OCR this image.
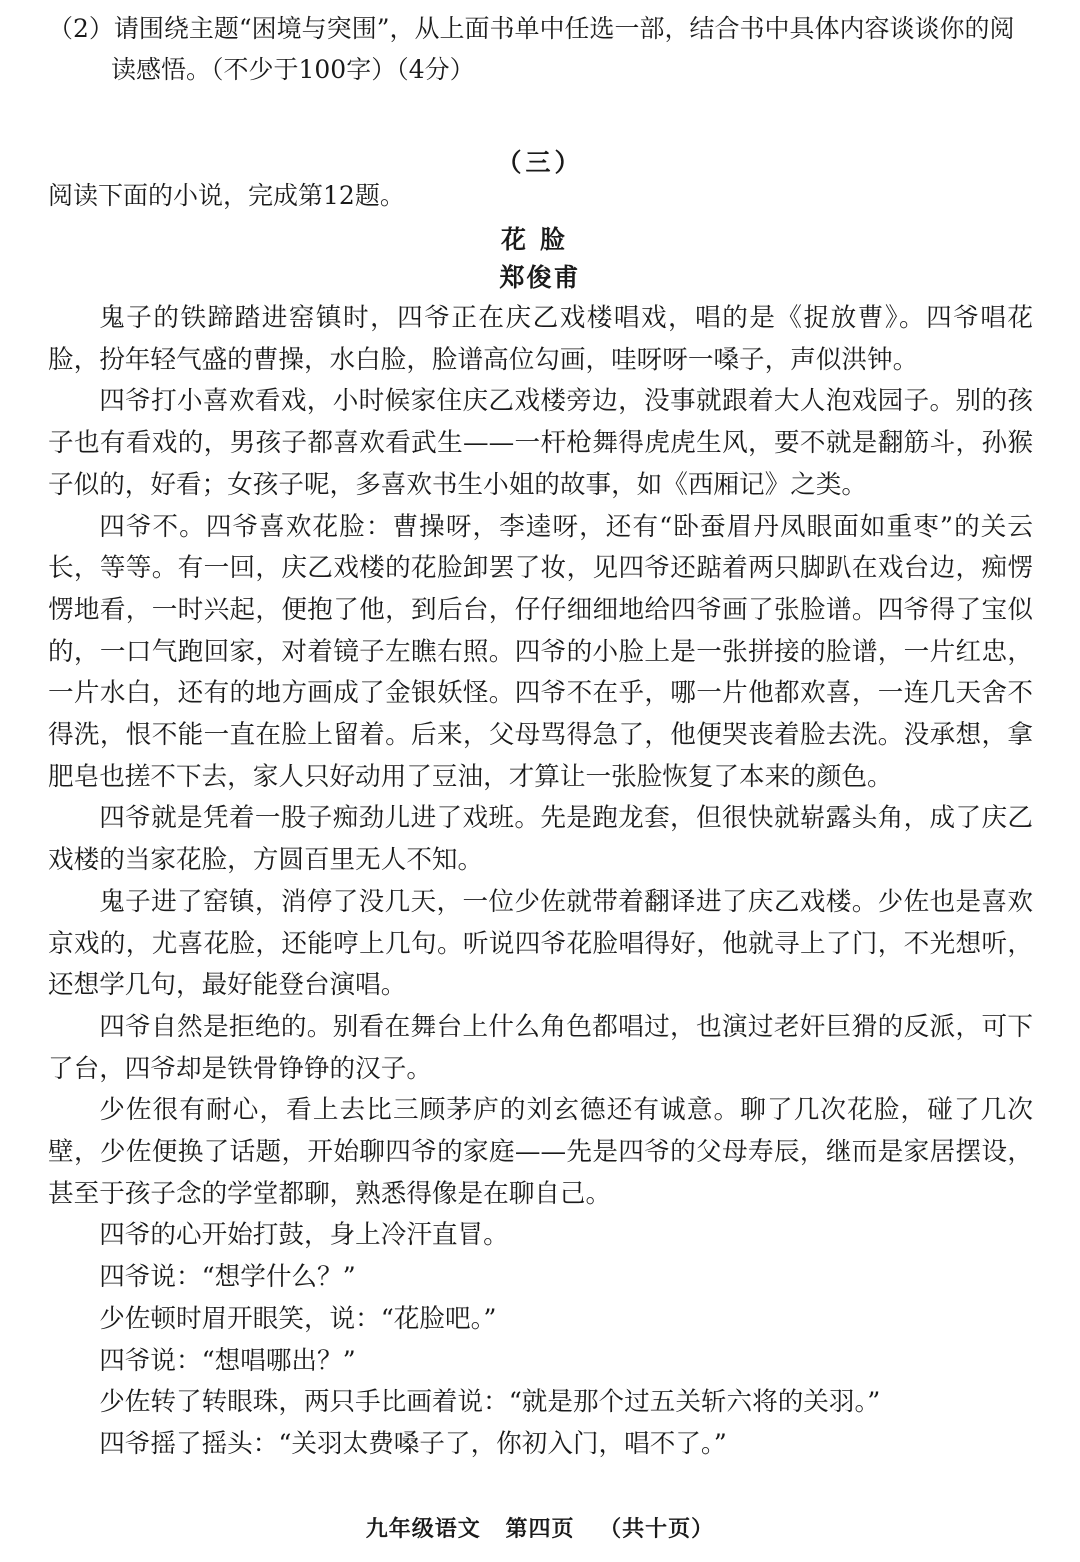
（2）请围绕主题“困境与突围”，从上面书单中任选一部，结合书中具体内容谈谈你的阅
读感悟。（不少于100字）（4分）
（三）
阅读下面的小说，完成第12题。
花脸
郑俊甫

鬼子的铁蹄踏进窑镇时，四爷正在庆乙戏楼唱戏，唱的是《捉放曹》。四爷唱花脸，扮年轻气盛的曹操，水白脸，脸谱高位勾画，哇呀呀一嗓子，声似洪钟。

四爷打小喜欢看戏，小时候家住庆乙戏楼旁边，没事就跟着大人泡戏园子。别的孩子也有看戏的，男孩子都喜欢看武生——一杆枪舞得虎虎生风，要不就是翻筋斗，孙猴子似的，好看；女孩子呢，多喜欢书生小姐的故事，如《西厢记》之类。

四爷不。四爷喜欢花脸：曹操呀，李逵呀，还有“卧蚕眉丹凤眼面如重枣”的关云长，等等。有一回，庆乙戏楼的花脸卸罢了妆，见四爷还踮着两只脚趴在戏台边，痴愣愣地看，一时兴起，便抱了他，到后台，仔仔细细地给四爷画了张脸谱。四爷得了宝似的，一口气跑回家，对着镜子左瞧右照。四爷的小脸上是一张拼接的脸谱，一片红忠，一片水白，还有的地方画成了金银妖怪。四爷不在乎，哪一片他都欢喜，一连几天舍不得洗，恨不能一直在脸上留着。后来，父母骂得急了，他便哭丧着脸去洗。没承想，拿肥皂也搓不下去，家人只好动用了豆油，才算让一张脸恢复了本来的颜色。

四爷就是凭着一股子痴劲儿进了戏班。先是跑龙套，但很快就崭露头角，成了庆乙戏楼的当家花脸，方圆百里无人不知。

鬼子进了窑镇，消停了没几天，一位少佐就带着翻译进了庆乙戏楼。少佐也是喜欢京戏的，尤喜花脸，还能哼上几句。听说四爷花脸唱得好，他就寻上了门，不光想听，还想学几句，最好能登台演唱。

四爷自然是拒绝的。别看在舞台上什么角色都唱过，也演过老奸巨猾的反派，可下了台，四爷却是铁骨铮铮的汉子。

少佐很有耐心，看上去比三顾茅庐的刘玄德还有诚意。聊了几次花脸，碰了几次壁，少佐便换了话题，开始聊四爷的家庭——先是四爷的父母寿辰，继而是家居摆设，甚至于孩子念的学堂都聊，熟悉得像是在聊自己。

四爷的心开始打鼓，身上冷汗直冒。

四爷说：“想学什么？”

少佐顿时眉开眼笑，说：“花脸吧。”

四爷说：“想唱哪出？”

少佐转了转眼珠，两只手比画着说：“就是那个过五关斩六将的关羽。”

四爷摇了摇头：“关羽太费嗓子了，你初入门，唱不了。”

九年级语文 第四页 （共十页）
